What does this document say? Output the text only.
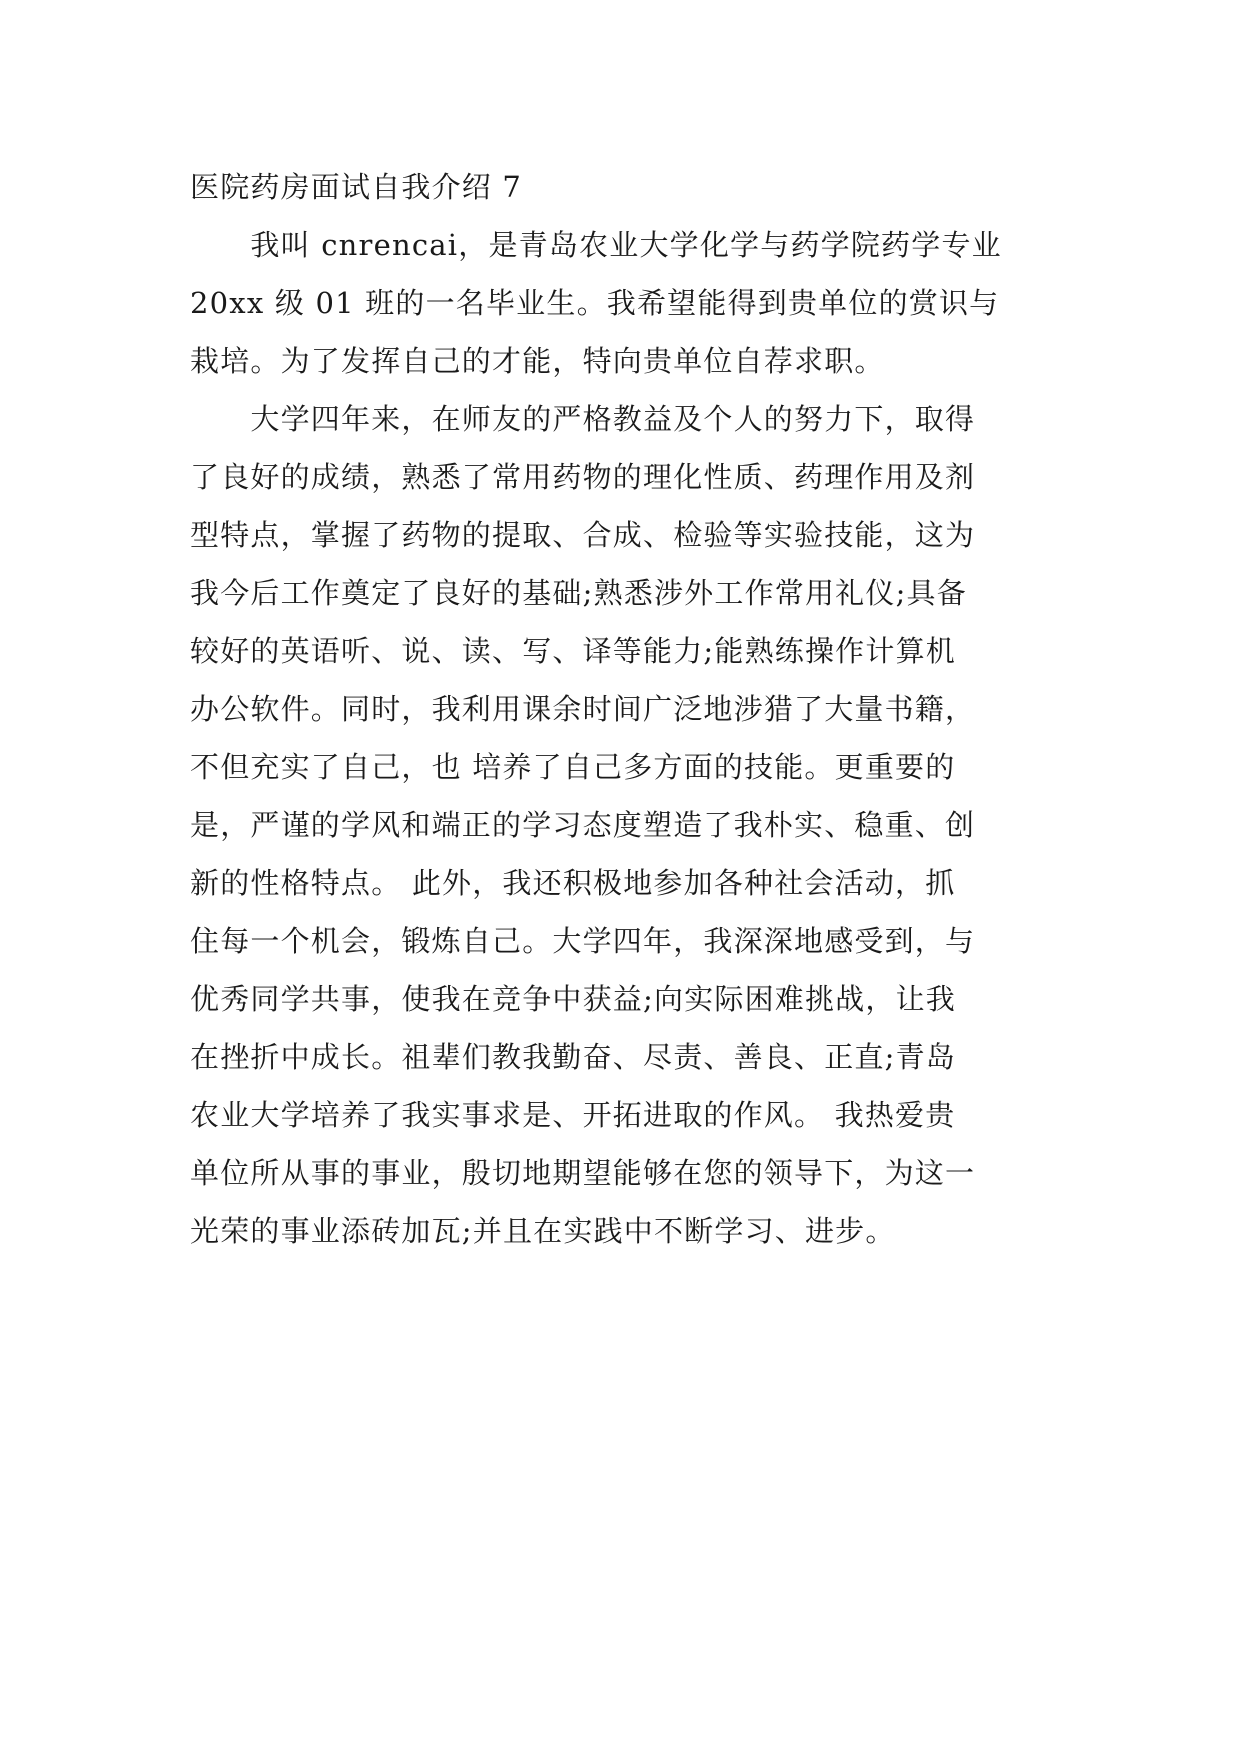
医院药房面试自我介绍 7
　　我叫 cnrencai，是青岛农业大学化学与药学院药学专业
20xx 级 01 班的一名毕业生。我希望能得到贵单位的赏识与
栽培。为了发挥自己的才能，特向贵单位自荐求职。
　　大学四年来，在师友的严格教益及个人的努力下，取得
了良好的成绩，熟悉了常用药物的理化性质、药理作用及剂
型特点，掌握了药物的提取、合成、检验等实验技能，这为
我今后工作奠定了良好的基础;熟悉涉外工作常用礼仪;具备
较好的英语听、说、读、写、译等能力;能熟练操作计算机
办公软件。同时，我利用课余时间广泛地涉猎了大量书籍，
不但充实了自己，也 培养了自己多方面的技能。更重要的
是，严谨的学风和端正的学习态度塑造了我朴实、稳重、创
新的性格特点。 此外，我还积极地参加各种社会活动，抓
住每一个机会，锻炼自己。大学四年，我深深地感受到，与
优秀同学共事，使我在竞争中获益;向实际困难挑战，让我
在挫折中成长。祖辈们教我勤奋、尽责、善良、正直;青岛
农业大学培养了我实事求是、开拓进取的作风。 我热爱贵
单位所从事的事业，殷切地期望能够在您的领导下，为这一
光荣的事业添砖加瓦;并且在实践中不断学习、进步。
